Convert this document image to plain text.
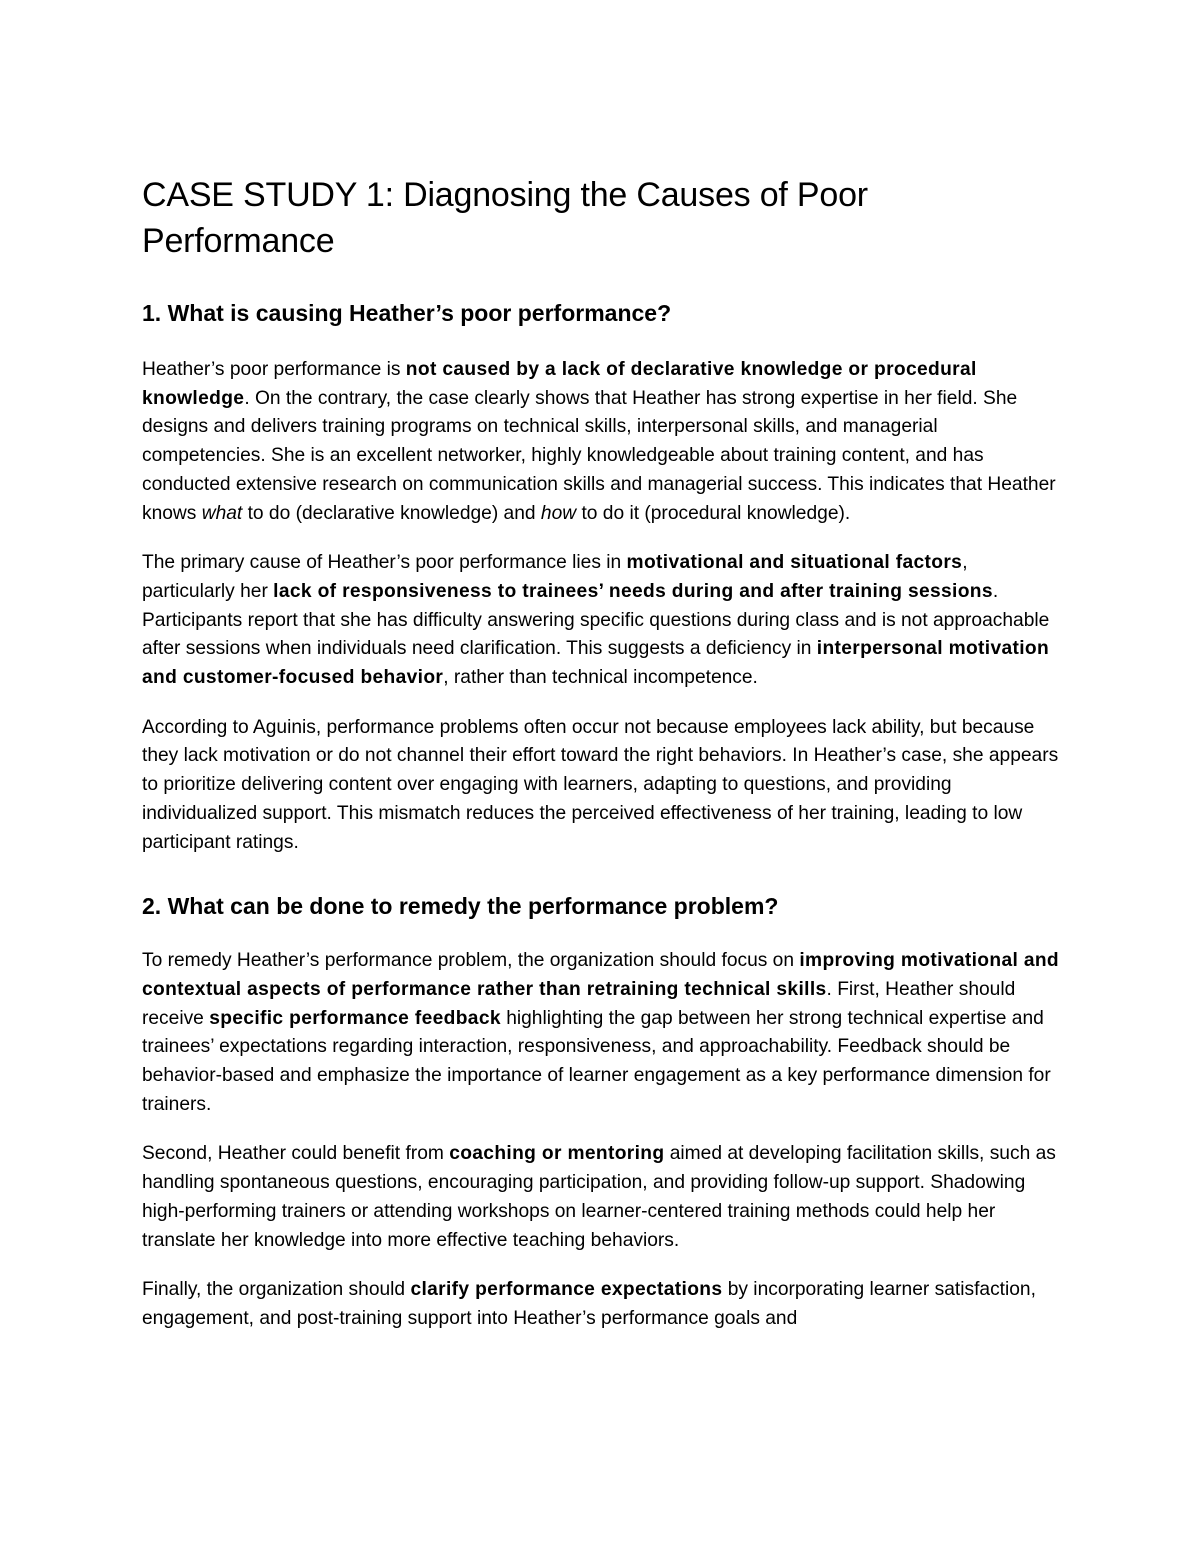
CASE STUDY 1: Diagnosing the Causes of Poor Performance
1. What is causing Heather’s poor performance?

Heather’s poor performance is not caused by a lack of declarative knowledge or procedural knowledge. On the contrary, the case clearly shows that Heather has strong expertise in her field. She designs and delivers training programs on technical skills, interpersonal skills, and managerial competencies. She is an excellent networker, highly knowledgeable about training content, and has conducted extensive research on communication skills and managerial success. This indicates that Heather knows what to do (declarative knowledge) and how to do it (procedural knowledge).

The primary cause of Heather’s poor performance lies in motivational and situational factors, particularly her lack of responsiveness to trainees’ needs during and after training sessions. Participants report that she has difficulty answering specific questions during class and is not approachable after sessions when individuals need clarification. This suggests a deficiency in interpersonal motivation and customer-focused behavior, rather than technical incompetence.

According to Aguinis, performance problems often occur not because employees lack ability, but because they lack motivation or do not channel their effort toward the right behaviors. In Heather’s case, she appears to prioritize delivering content over engaging with learners, adapting to questions, and providing individualized support. This mismatch reduces the perceived effectiveness of her training, leading to low participant ratings.

2. What can be done to remedy the performance problem?

To remedy Heather’s performance problem, the organization should focus on improving motivational and contextual aspects of performance rather than retraining technical skills. First, Heather should receive specific performance feedback highlighting the gap between her strong technical expertise and trainees’ expectations regarding interaction, responsiveness, and approachability. Feedback should be behavior-based and emphasize the importance of learner engagement as a key performance dimension for trainers.

Second, Heather could benefit from coaching or mentoring aimed at developing facilitation skills, such as handling spontaneous questions, encouraging participation, and providing follow-up support. Shadowing high-performing trainers or attending workshops on learner-centered training methods could help her translate her knowledge into more effective teaching behaviors.

Finally, the organization should clarify performance expectations by incorporating learner satisfaction, engagement, and post-training support into Heather’s performance goals and
